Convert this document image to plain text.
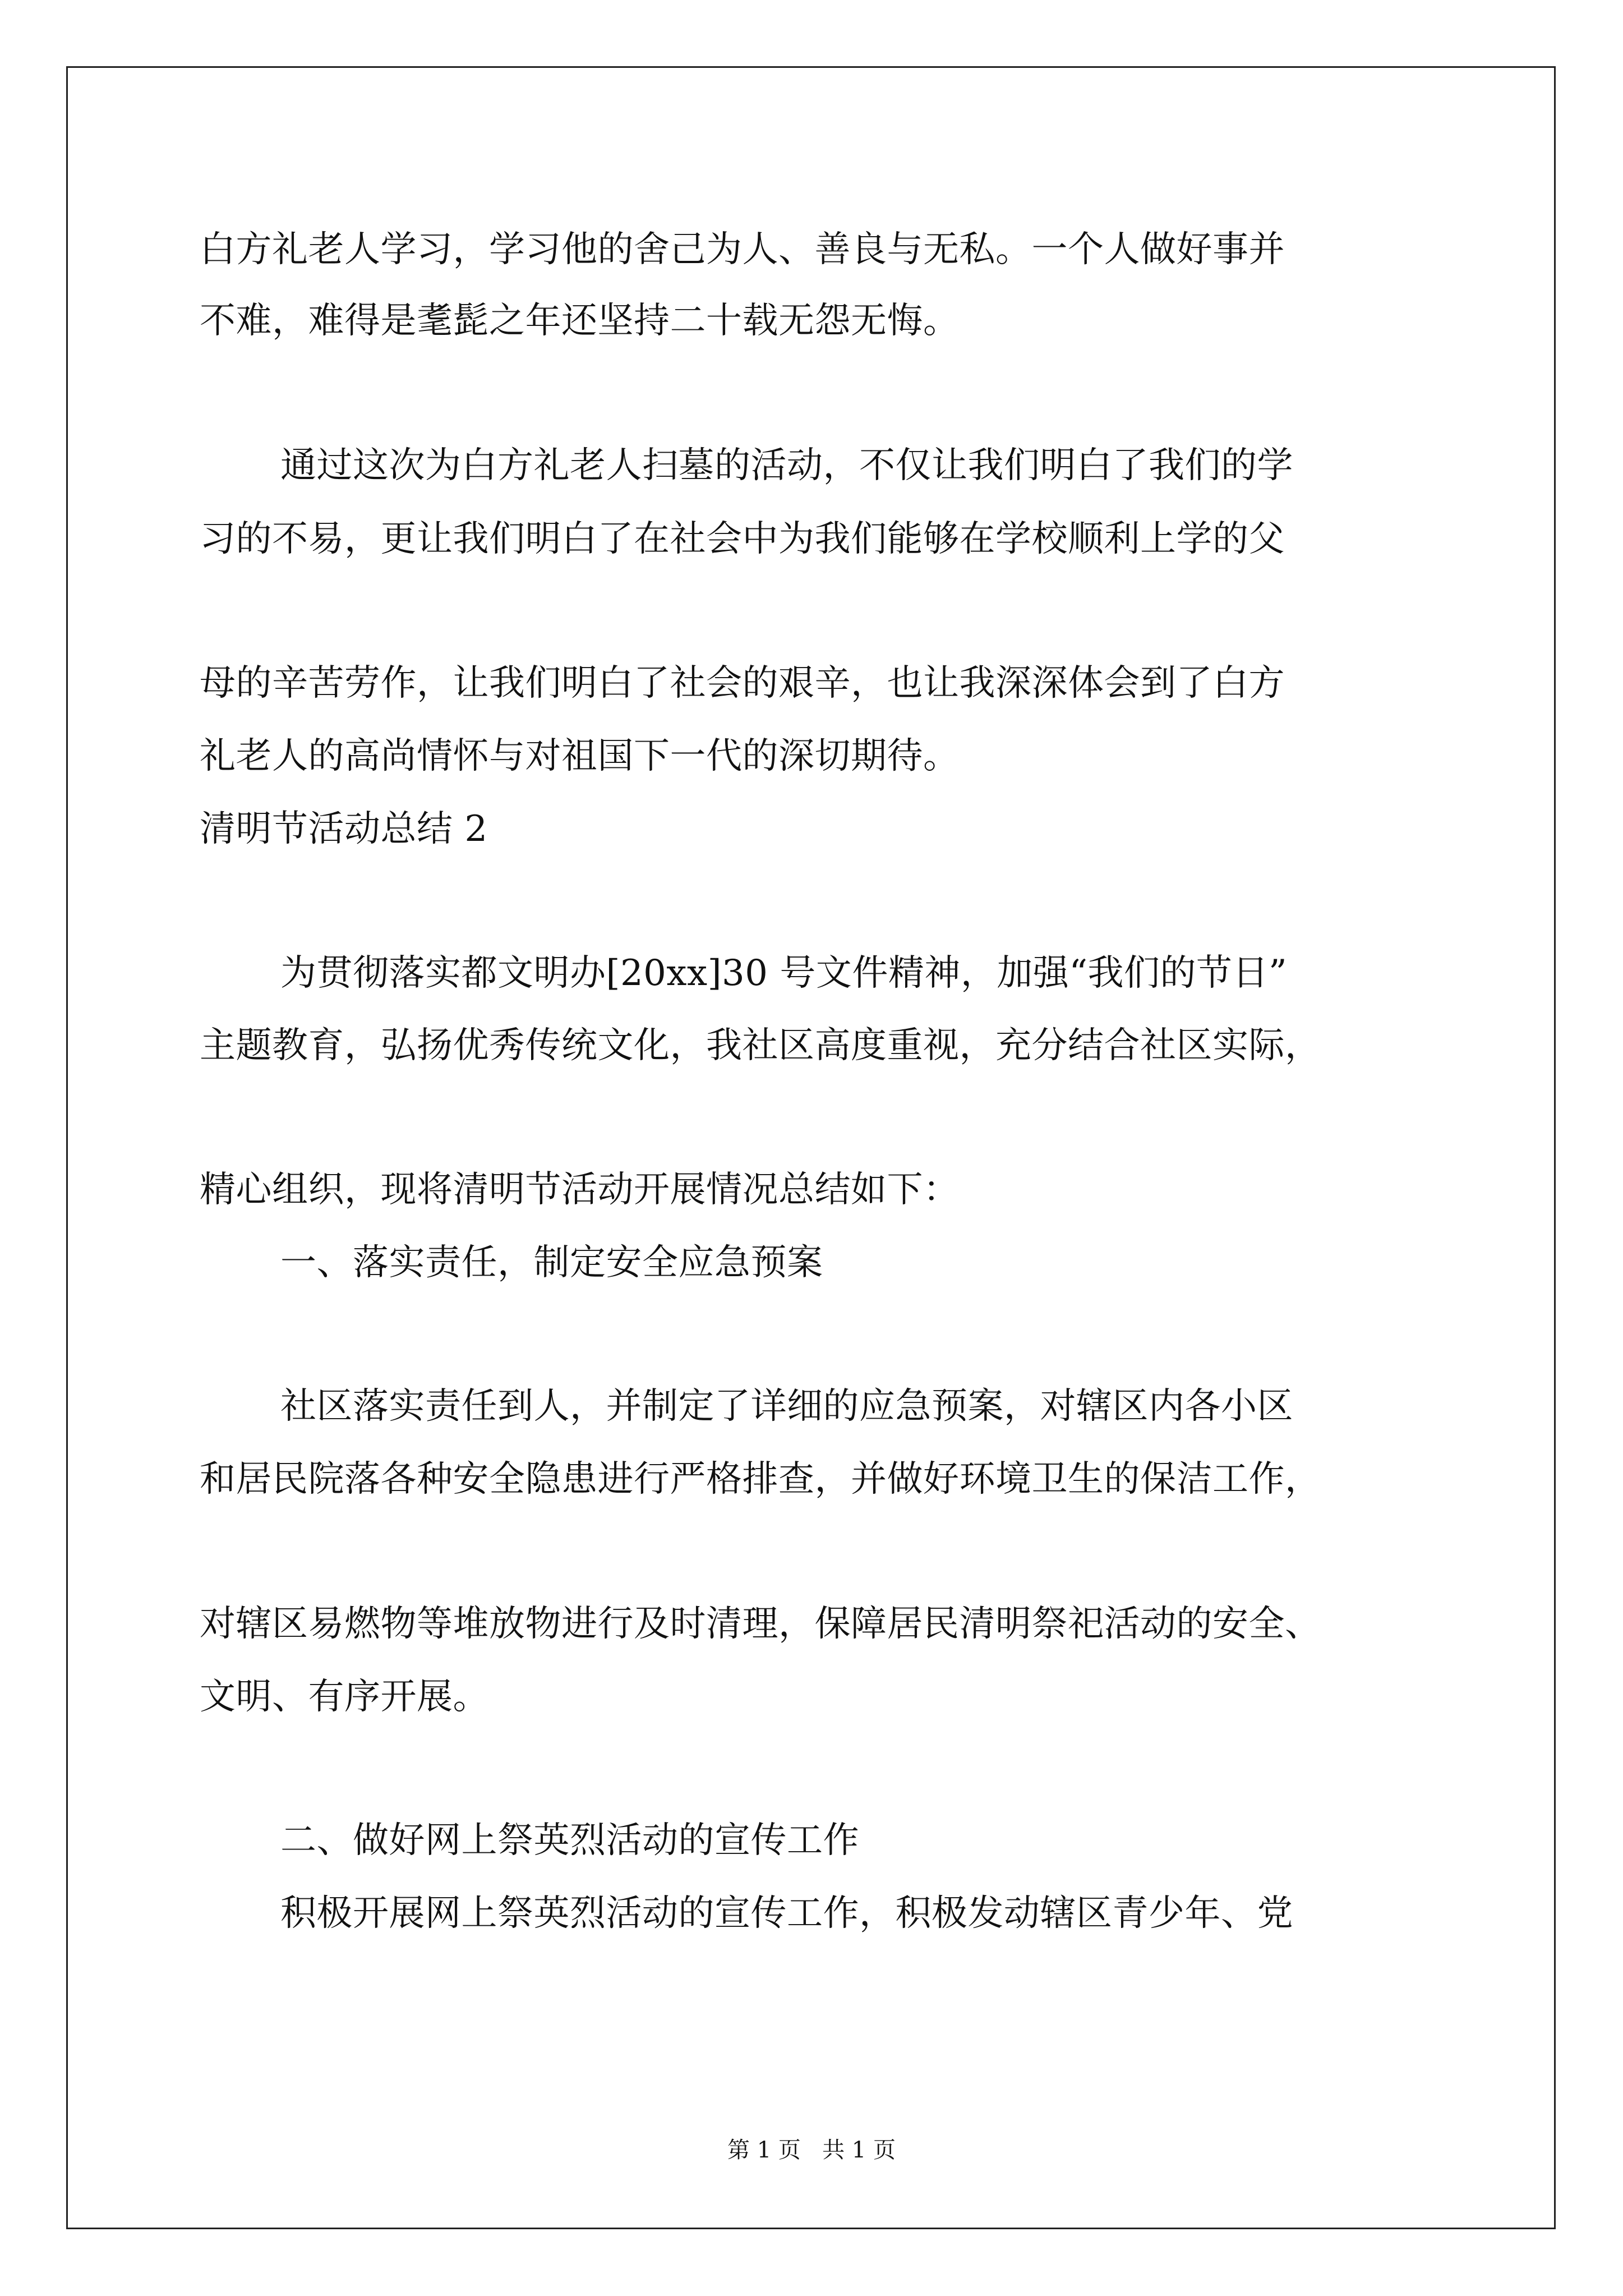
白方礼老人学习，学习他的舍己为人、善良与无私。一个人做好事并
不难，难得是耄髭之年还坚持二十载无怨无悔。
通过这次为白方礼老人扫墓的活动，不仅让我们明白了我们的学
习的不易，更让我们明白了在社会中为我们能够在学校顺利上学的父
母的辛苦劳作，让我们明白了社会的艰辛，也让我深深体会到了白方
礼老人的高尚情怀与对祖国下一代的深切期待。
清明节活动总结 2
为贯彻落实都文明办[20xx]30 号文件精神，加强“我们的节日”
主题教育，弘扬优秀传统文化，我社区高度重视，充分结合社区实际，
精心组织，现将清明节活动开展情况总结如下：
一、落实责任，制定安全应急预案
社区落实责任到人，并制定了详细的应急预案，对辖区内各小区
和居民院落各种安全隐患进行严格排查，并做好环境卫生的保洁工作，
对辖区易燃物等堆放物进行及时清理，保障居民清明祭祀活动的安全、
文明、有序开展。
二、做好网上祭英烈活动的宣传工作
积极开展网上祭英烈活动的宣传工作，积极发动辖区青少年、党
第 1 页   共 1 页
